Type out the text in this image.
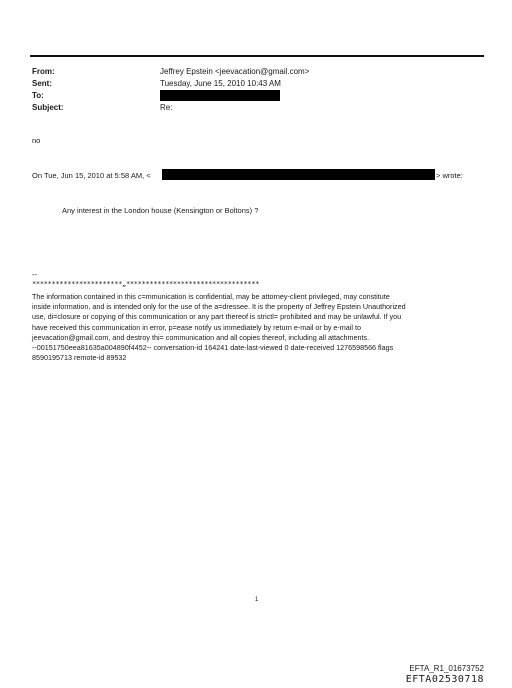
From:	Jeffrey Epstein <jeevacation@gmail.com>
Sent:	Tuesday, June 15, 2010 10:43 AM
To:
Subject:	Re:
no
On Tue, Jun 15, 2010 at 5:58 AM, <	> wrote:
Any interest in the London house (Kensington or Boltons) ?
--
***********************„**********************************
The information contained in this c=mmunication is confidential, may be attorney-client privileged, may constitute
inside information, and is intended only for the use of the a=dressee. It is the property of Jeffrey Epstein Unauthorized
use, di=closure or copying of this communication or any part thereof is strictl= prohibited and may be unlawful. If you
have received this communication in error, p=ease notify us immediately by return e-mail or by e-mail to
jeevacation@gmail.com, and destroy thi= communication and all copies thereof, including all attachments.
--00151750eea81635a004890f4452-- conversation-id 164241 date-last-viewed 0 date-received 1276598566 flags
8590195713 remote-id 89532
1
EFTA_R1_01673752
EFTA02530718
